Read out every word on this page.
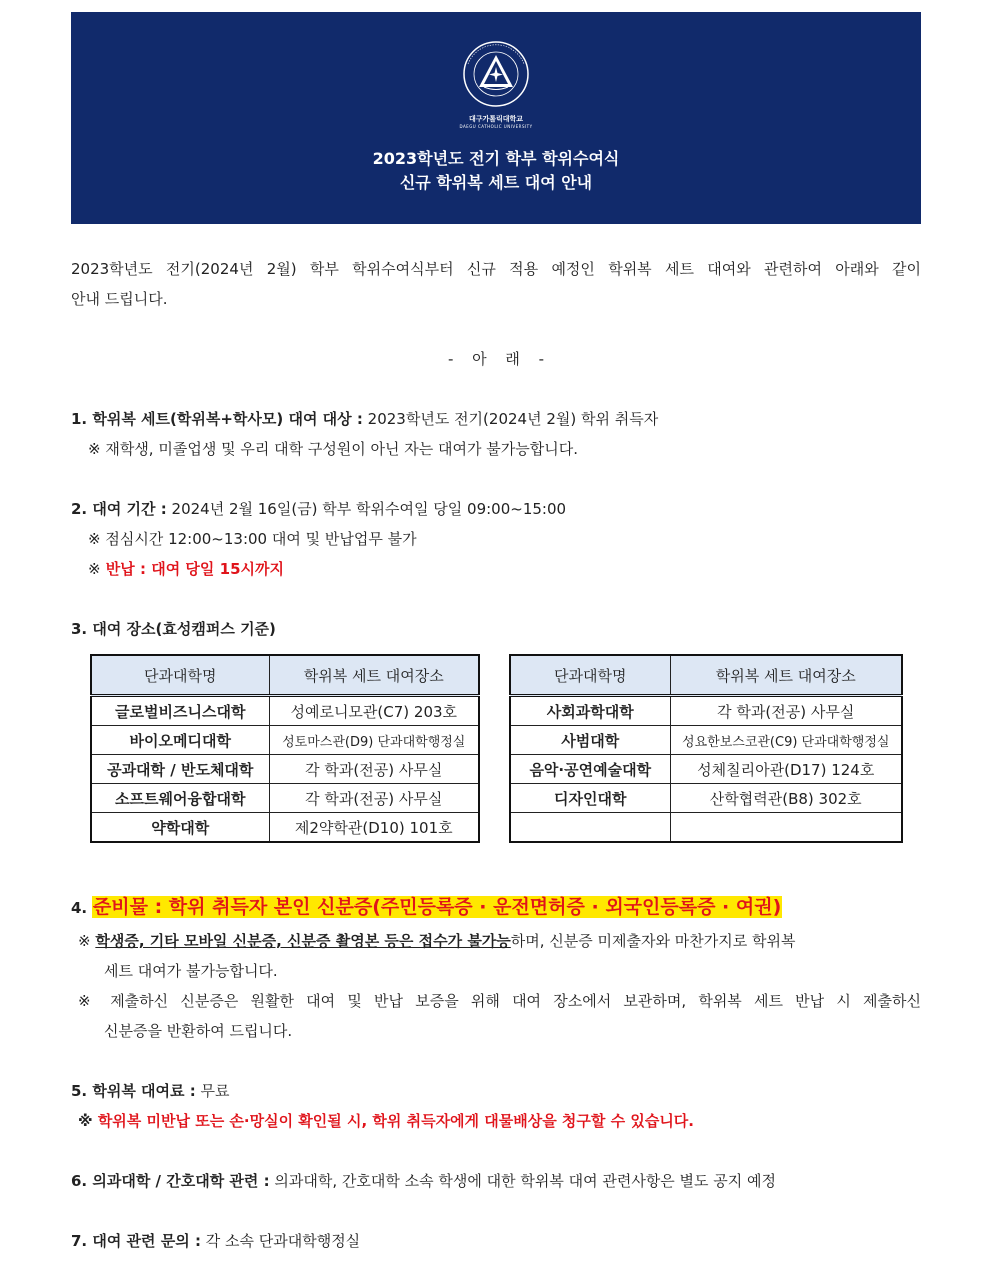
대구가톨릭대학교
DAEGU CATHOLIC UNIVERSITY
2023학년도 전기 학부 학위수여식
신규 학위복 세트 대여 안내

2023학년도 전기(2024년 2월) 학부 학위수여식부터 신규 적용 예정인 학위복 세트 대여와 관련하여 아래와 같이

안내 드립니다.

- 아 래 -

1. 학위복 세트(학위복+학사모) 대여 대상 : 2023학년도 전기(2024년 2월) 학위 취득자

※ 재학생, 미졸업생 및 우리 대학 구성원이 아닌 자는 대여가 불가능합니다.

2. 대여 기간 : 2024년 2월 16일(금) 학부 학위수여일 당일 09:00~15:00

※ 점심시간 12:00~13:00 대여 및 반납업무 불가

※ 반납 : 대여 당일 15시까지

3. 대여 장소(효성캠퍼스 기준)

단과대학명	학위복 세트 대여장소
글로벌비즈니스대학	성예로니모관(C7) 203호
바이오메디대학	성토마스관(D9) 단과대학행정실
공과대학 / 반도체대학	각 학과(전공) 사무실
소프트웨어융합대학	각 학과(전공) 사무실
약학대학	제2약학관(D10) 101호
단과대학명	학위복 세트 대여장소
사회과학대학	각 학과(전공) 사무실
사범대학	성요한보스코관(C9) 단과대학행정실
음악·공연예술대학	성체칠리아관(D17) 124호
디자인대학	산학협력관(B8) 302호

4. 준비물 : 학위 취득자 본인 신분증(주민등록증 · 운전면허증 · 외국인등록증 · 여권)

※ 학생증, 기타 모바일 신분증, 신분증 촬영본 등은 접수가 불가능하며, 신분증 미제출자와 마찬가지로 학위복

세트 대여가 불가능합니다.

※ 제출하신 신분증은 원활한 대여 및 반납 보증을 위해 대여 장소에서 보관하며, 학위복 세트 반납 시 제출하신

신분증을 반환하여 드립니다.

5. 학위복 대여료 : 무료

※ 학위복 미반납 또는 손·망실이 확인될 시, 학위 취득자에게 대물배상을 청구할 수 있습니다.

6. 의과대학 / 간호대학 관련 : 의과대학, 간호대학 소속 학생에 대한 학위복 대여 관련사항은 별도 공지 예정

7. 대여 관련 문의 : 각 소속 단과대학행정실
